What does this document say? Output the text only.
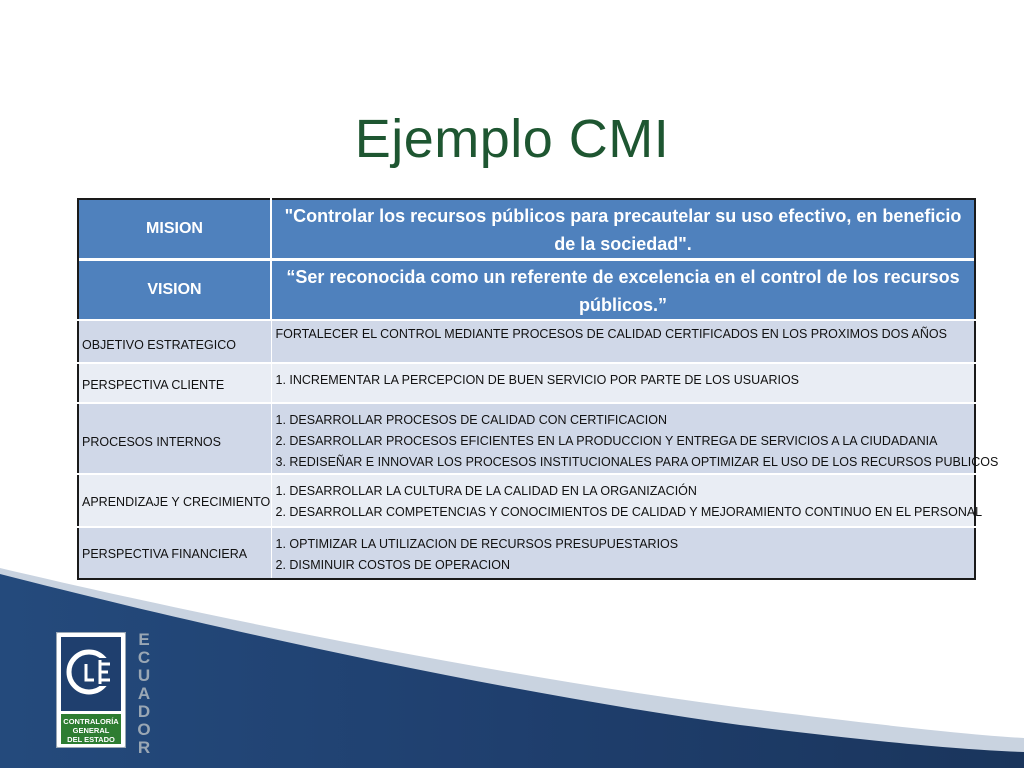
Ejemplo CMI
MISION	"Controlar los recursos públicos para precautelar su uso efectivo, en beneficio de la sociedad".

VISION	“Ser reconocida como un referente de excelencia en el control de los recursos públicos.”
OBJETIVO ESTRATEGICO	FORTALECER EL CONTROL MEDIANTE PROCESOS DE CALIDAD CERTIFICADOS EN LOS PROXIMOS DOS AÑOS

PERSPECTIVA CLIENTE	1. INCREMENTAR LA PERCEPCION DE BUEN SERVICIO POR PARTE DE LOS USUARIOS

PROCESOS INTERNOS	1. DESARROLLAR PROCESOS DE CALIDAD CON CERTIFICACION
2. DESARROLLAR PROCESOS EFICIENTES EN LA PRODUCCION Y ENTREGA DE SERVICIOS A LA CIUDADANIA
3. REDISEÑAR E INNOVAR LOS PROCESOS INSTITUCIONALES PARA OPTIMIZAR EL USO DE LOS RECURSOS PUBLICOS

APRENDIZAJE Y CRECIMIENTO	1. DESARROLLAR LA CULTURA DE LA CALIDAD EN LA ORGANIZACIÓN
2. DESARROLLAR COMPETENCIAS Y CONOCIMIENTOS DE CALIDAD Y MEJORAMIENTO CONTINUO EN EL PERSONAL

PERSPECTIVA FINANCIERA	1. OPTIMIZAR LA UTILIZACION DE RECURSOS PRESUPUESTARIOS
2. DISMINUIR COSTOS DE OPERACION
CONTRALORÍA
GENERAL
DEL ESTADO
E
C
U
A
D
O
R
